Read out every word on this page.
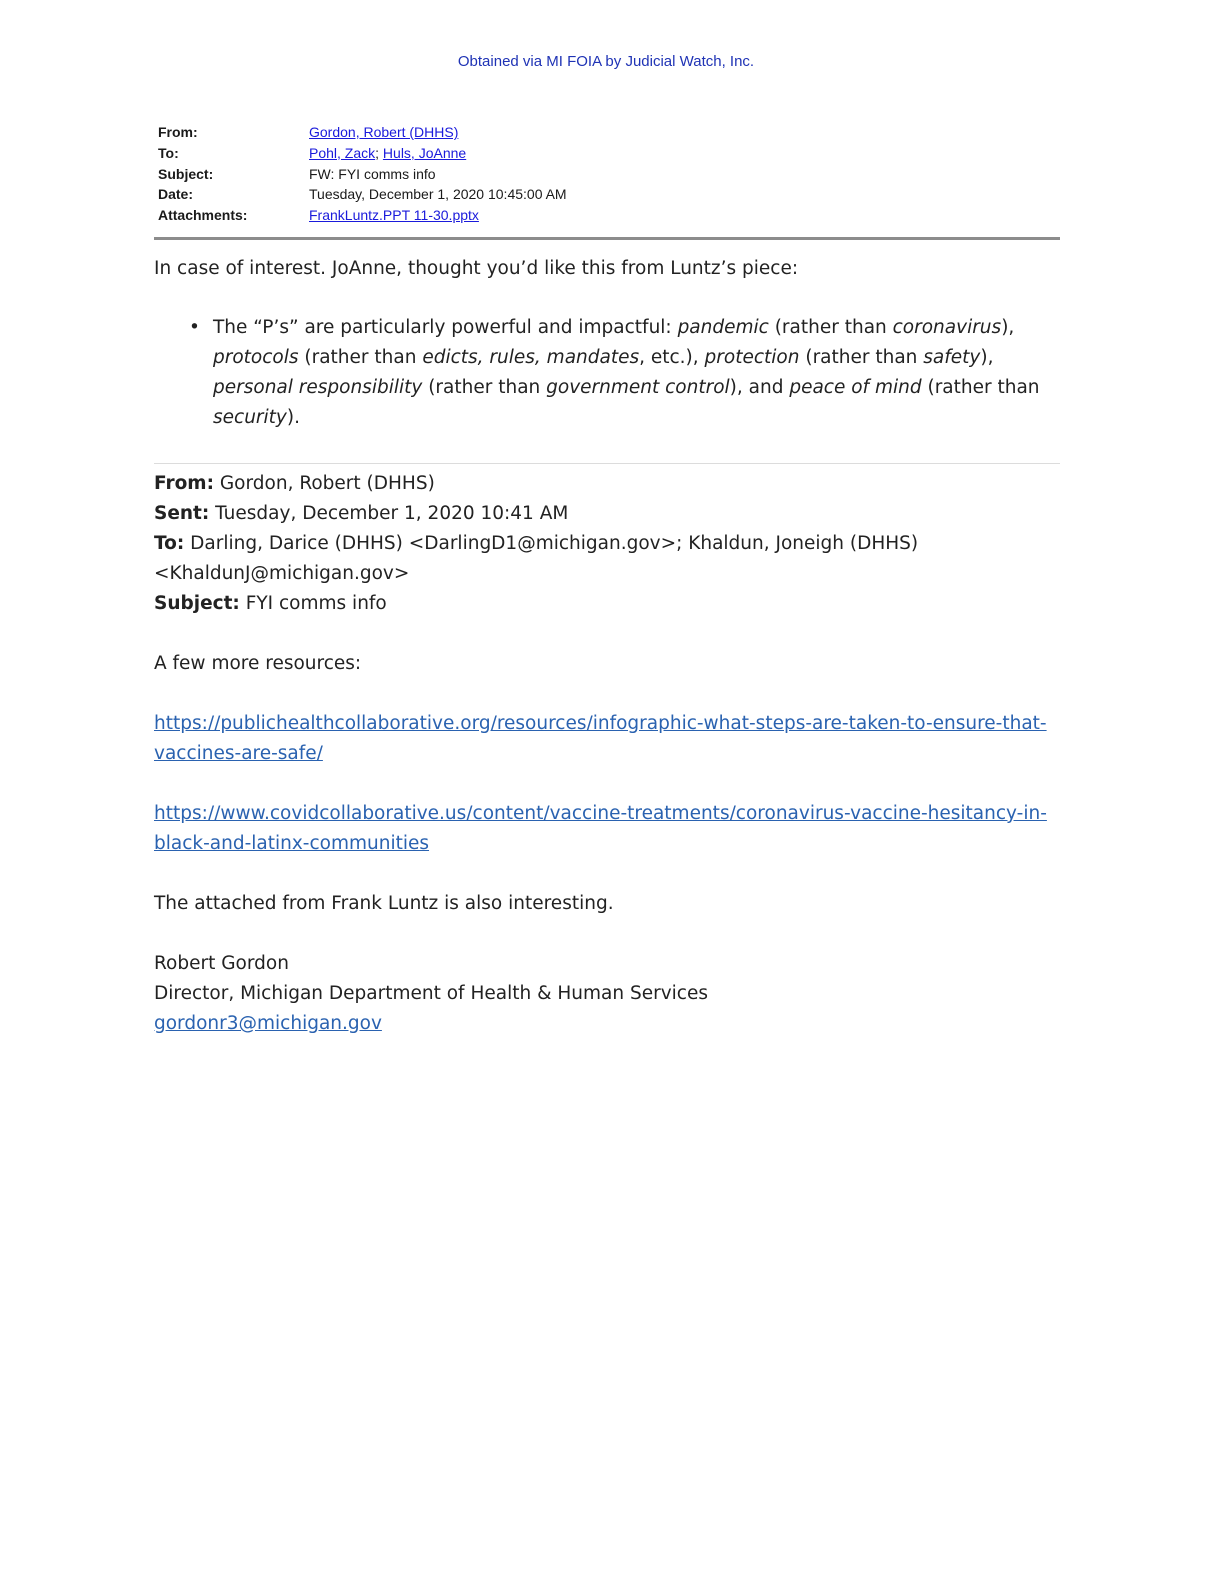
Obtained via MI FOIA by Judicial Watch, Inc.
From:	Gordon, Robert (DHHS)
To:	Pohl, Zack; Huls, JoAnne
Subject:	FW: FYI comms info
Date:	Tuesday, December 1, 2020 10:45:00 AM
Attachments:	FrankLuntz.PPT 11-30.pptx

In case of interest. JoAnne, thought you’d like this from Luntz’s piece:

• The “P’s” are particularly powerful and impactful: pandemic (rather than coronavirus), protocols (rather than edicts, rules, mandates, etc.), protection (rather than safety), personal responsibility (rather than government control), and peace of mind (rather than security).

From: Gordon, Robert (DHHS)

Sent: Tuesday, December 1, 2020 10:41 AM

To: Darling, Darice (DHHS) <DarlingD1@michigan.gov>; Khaldun, Joneigh (DHHS) <KhaldunJ@michigan.gov>

Subject: FYI comms info

A few more resources:

https://publichealthcollaborative.org/resources/infographic-what-steps-are-taken-to-ensure-that-
vaccines-are-safe/

https://www.covidcollaborative.us/content/vaccine-treatments/coronavirus-vaccine-hesitancy-in-
black-and-latinx-communities

The attached from Frank Luntz is also interesting.

Robert Gordon

Director, Michigan Department of Health & Human Services

gordonr3@michigan.gov
